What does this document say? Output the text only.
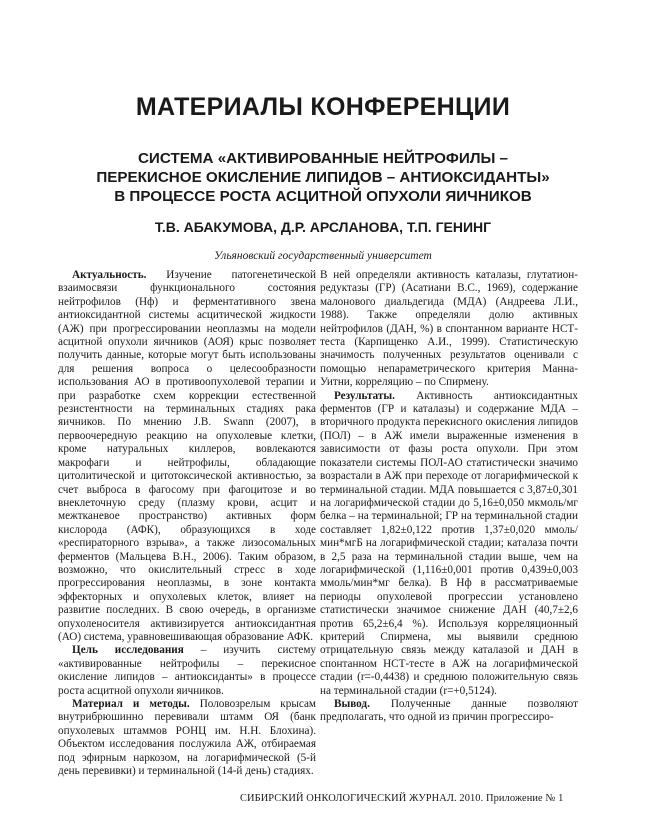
МАТЕРИАЛЫ КОНФЕРЕНЦИИ
СИСТЕМА «АКТИВИРОВАННЫЕ НЕЙТРОФИЛЫ –
ПЕРЕКИСНОЕ ОКИСЛЕНИЕ ЛИПИДОВ – АНТИОКСИДАНТЫ»
В ПРОЦЕССЕ РОСТА АСЦИТНОЙ ОПУХОЛИ ЯИЧНИКОВ
Т.В. АБАКУМОВА, Д.Р. АРСЛАНОВА, Т.П. ГЕНИНГ
Ульяновский государственный университет

Актуальность. Изучение патогенетической взаимосвязи функционального состояния нейтрофилов (Нф) и ферментативного звена антиоксидантной системы асцитической жидкости (АЖ) при прогрессировании неоплазмы на модели асцитной опухоли яичников (АОЯ) крыс позволяет получить данные, которые могут быть использованы для решения вопроса о целесообразности использования АО в противоопухолевой терапии и при разработке схем коррекции естественной резистентности на терминальных стадиях рака яичников. По мнению J.B. Swann (2007), в первоочередную реакцию на опухолевые клетки, кроме натуральных киллеров, вовлекаются макрофаги и нейтрофилы, обладающие цитолитической и цитотоксической активностью, за счет выброса в фагосому при фагоцитозе и во внеклеточную среду (плазму крови, асцит и межтканевое пространство) активных форм кислорода (АФК), образующихся в ходе «респираторного взрыва», а также лизосомальных ферментов (Мальцева В.Н., 2006). Таким образом, возможно, что окислительный стресс в ходе прогрессирования неоплазмы, в зоне контакта эффекторных и опухолевых клеток, влияет на развитие последних. В свою очередь, в организме опухоленосителя активизируется антиоксидантная (АО) система, уравновешивающая образование АФК.

Цель исследования – изучить систему «активированные нейтрофилы – перекисное окисление липидов – антиоксиданты» в процессе роста асцитной опухоли яичников.

Материал и методы. Половозрелым крысам внутрибрюшинно перевивали штамм ОЯ (банк опухолевых штаммов РОНЦ им. Н.Н. Блохина). Объектом исследования послужила АЖ, отбираемая под эфирным наркозом, на логарифмической (5-й день перевивки) и терминальной (14-й день) стадиях.

В ней определяли активность каталазы, глутатион-редуктазы (ГР) (Асатиани В.С., 1969), содержание малонового диальдегида (МДА) (Андреева Л.И., 1988). Также определяли долю активных нейтрофилов (ДАН, %) в спонтанном варианте НСТ-теста (Карпищенко А.И., 1999). Статистическую значимость полученных результатов оценивали с помощью непараметрического критерия Манна-Уитни, корреляцию – по Спирмену.

Результаты. Активность антиоксидантных ферментов (ГР и каталазы) и содержание МДА – вторичного продукта перекисного окисления липидов (ПОЛ) – в АЖ имели выраженные изменения в зависимости от фазы роста опухоли. При этом показатели системы ПОЛ-АО статистически значимо возрастали в АЖ при переходе от логарифмической к терминальной стадии. МДА повышается с 3,87±0,301 на логарифмической стадии до 5,16±0,050 мкмоль/мг белка – на терминальной; ГР на терминальной стадии составляет 1,82±0,122 против 1,37±0,020 ммоль/мин*мгБ на логарифмической стадии; каталаза почти в 2,5 раза на терминальной стадии выше, чем на логарифмической (1,116±0,001 против 0,439±0,003 ммоль/мин*мг белка). В Нф в рассматриваемые периоды опухолевой прогрессии установлено статистически значимое снижение ДАН (40,7±2,6 против 65,2±6,4 %). Используя корреляционный критерий Спирмена, мы выявили среднюю отрицательную связь между каталазой и ДАН в спонтанном НСТ-тесте в АЖ на логарифмической стадии (r=-0,4438) и среднюю положительную связь на терминальной стадии (r=+0,5124).

Вывод. Полученные данные позволяют предполагать, что одной из причин прогрессиро-

СИБИРСКИЙ ОНКОЛОГИЧЕСКИЙ ЖУРНАЛ. 2010. Приложение № 1
